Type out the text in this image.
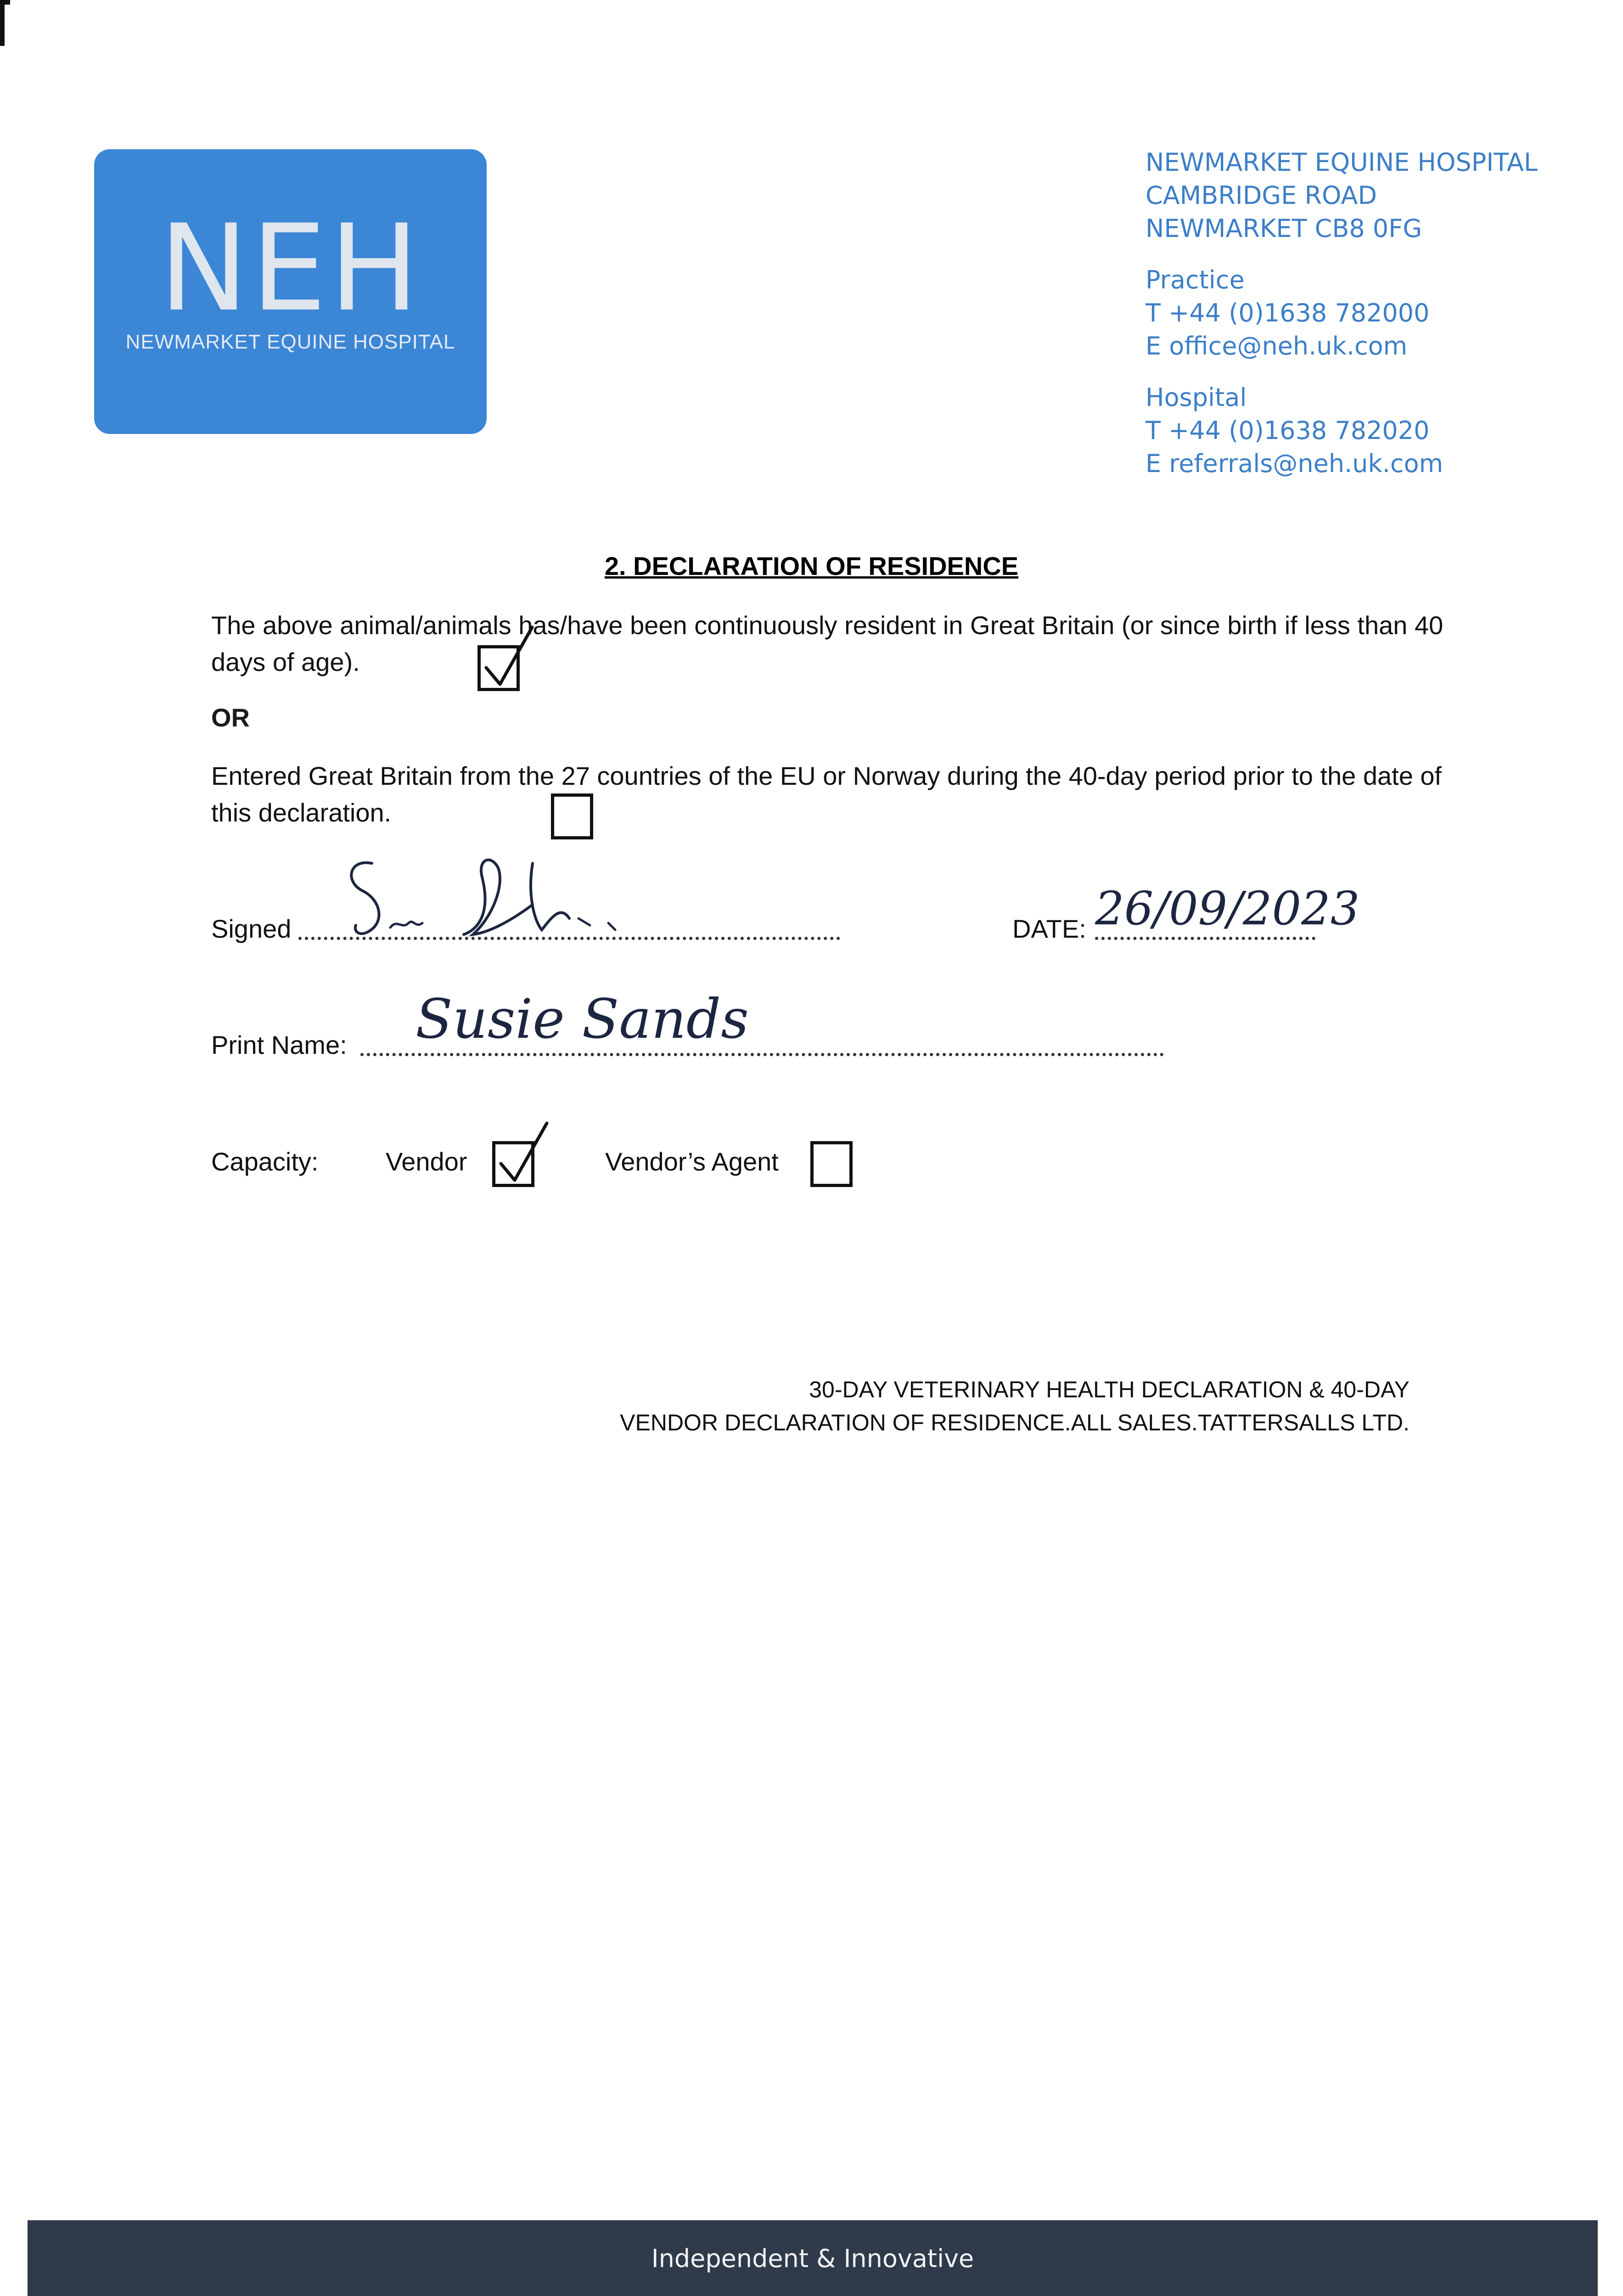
NEH
NEWMARKET EQUINE HOSPITAL
NEWMARKET EQUINE HOSPITAL
CAMBRIDGE ROAD
NEWMARKET CB8 0FG
Practice
T +44 (0)1638 782000
E office@neh.uk.com
Hospital
T +44 (0)1638 782020
E referrals@neh.uk.com
2. DECLARATION OF RESIDENCE
The above animal/animals has/have been continuously resident in Great Britain (or since birth if less than 40 days of age).
OR
Entered Great Britain from the 27 countries of the EU or Norway during the 40-day period prior to the date of this declaration.
Signed	DATE: 26/09/2023
Print Name: Susie Sands
Capacity:	Vendor	Vendor’s Agent
30-DAY VETERINARY HEALTH DECLARATION & 40-DAY
VENDOR DECLARATION OF RESIDENCE.ALL SALES.TATTERSALLS LTD.
Independent & Innovative
